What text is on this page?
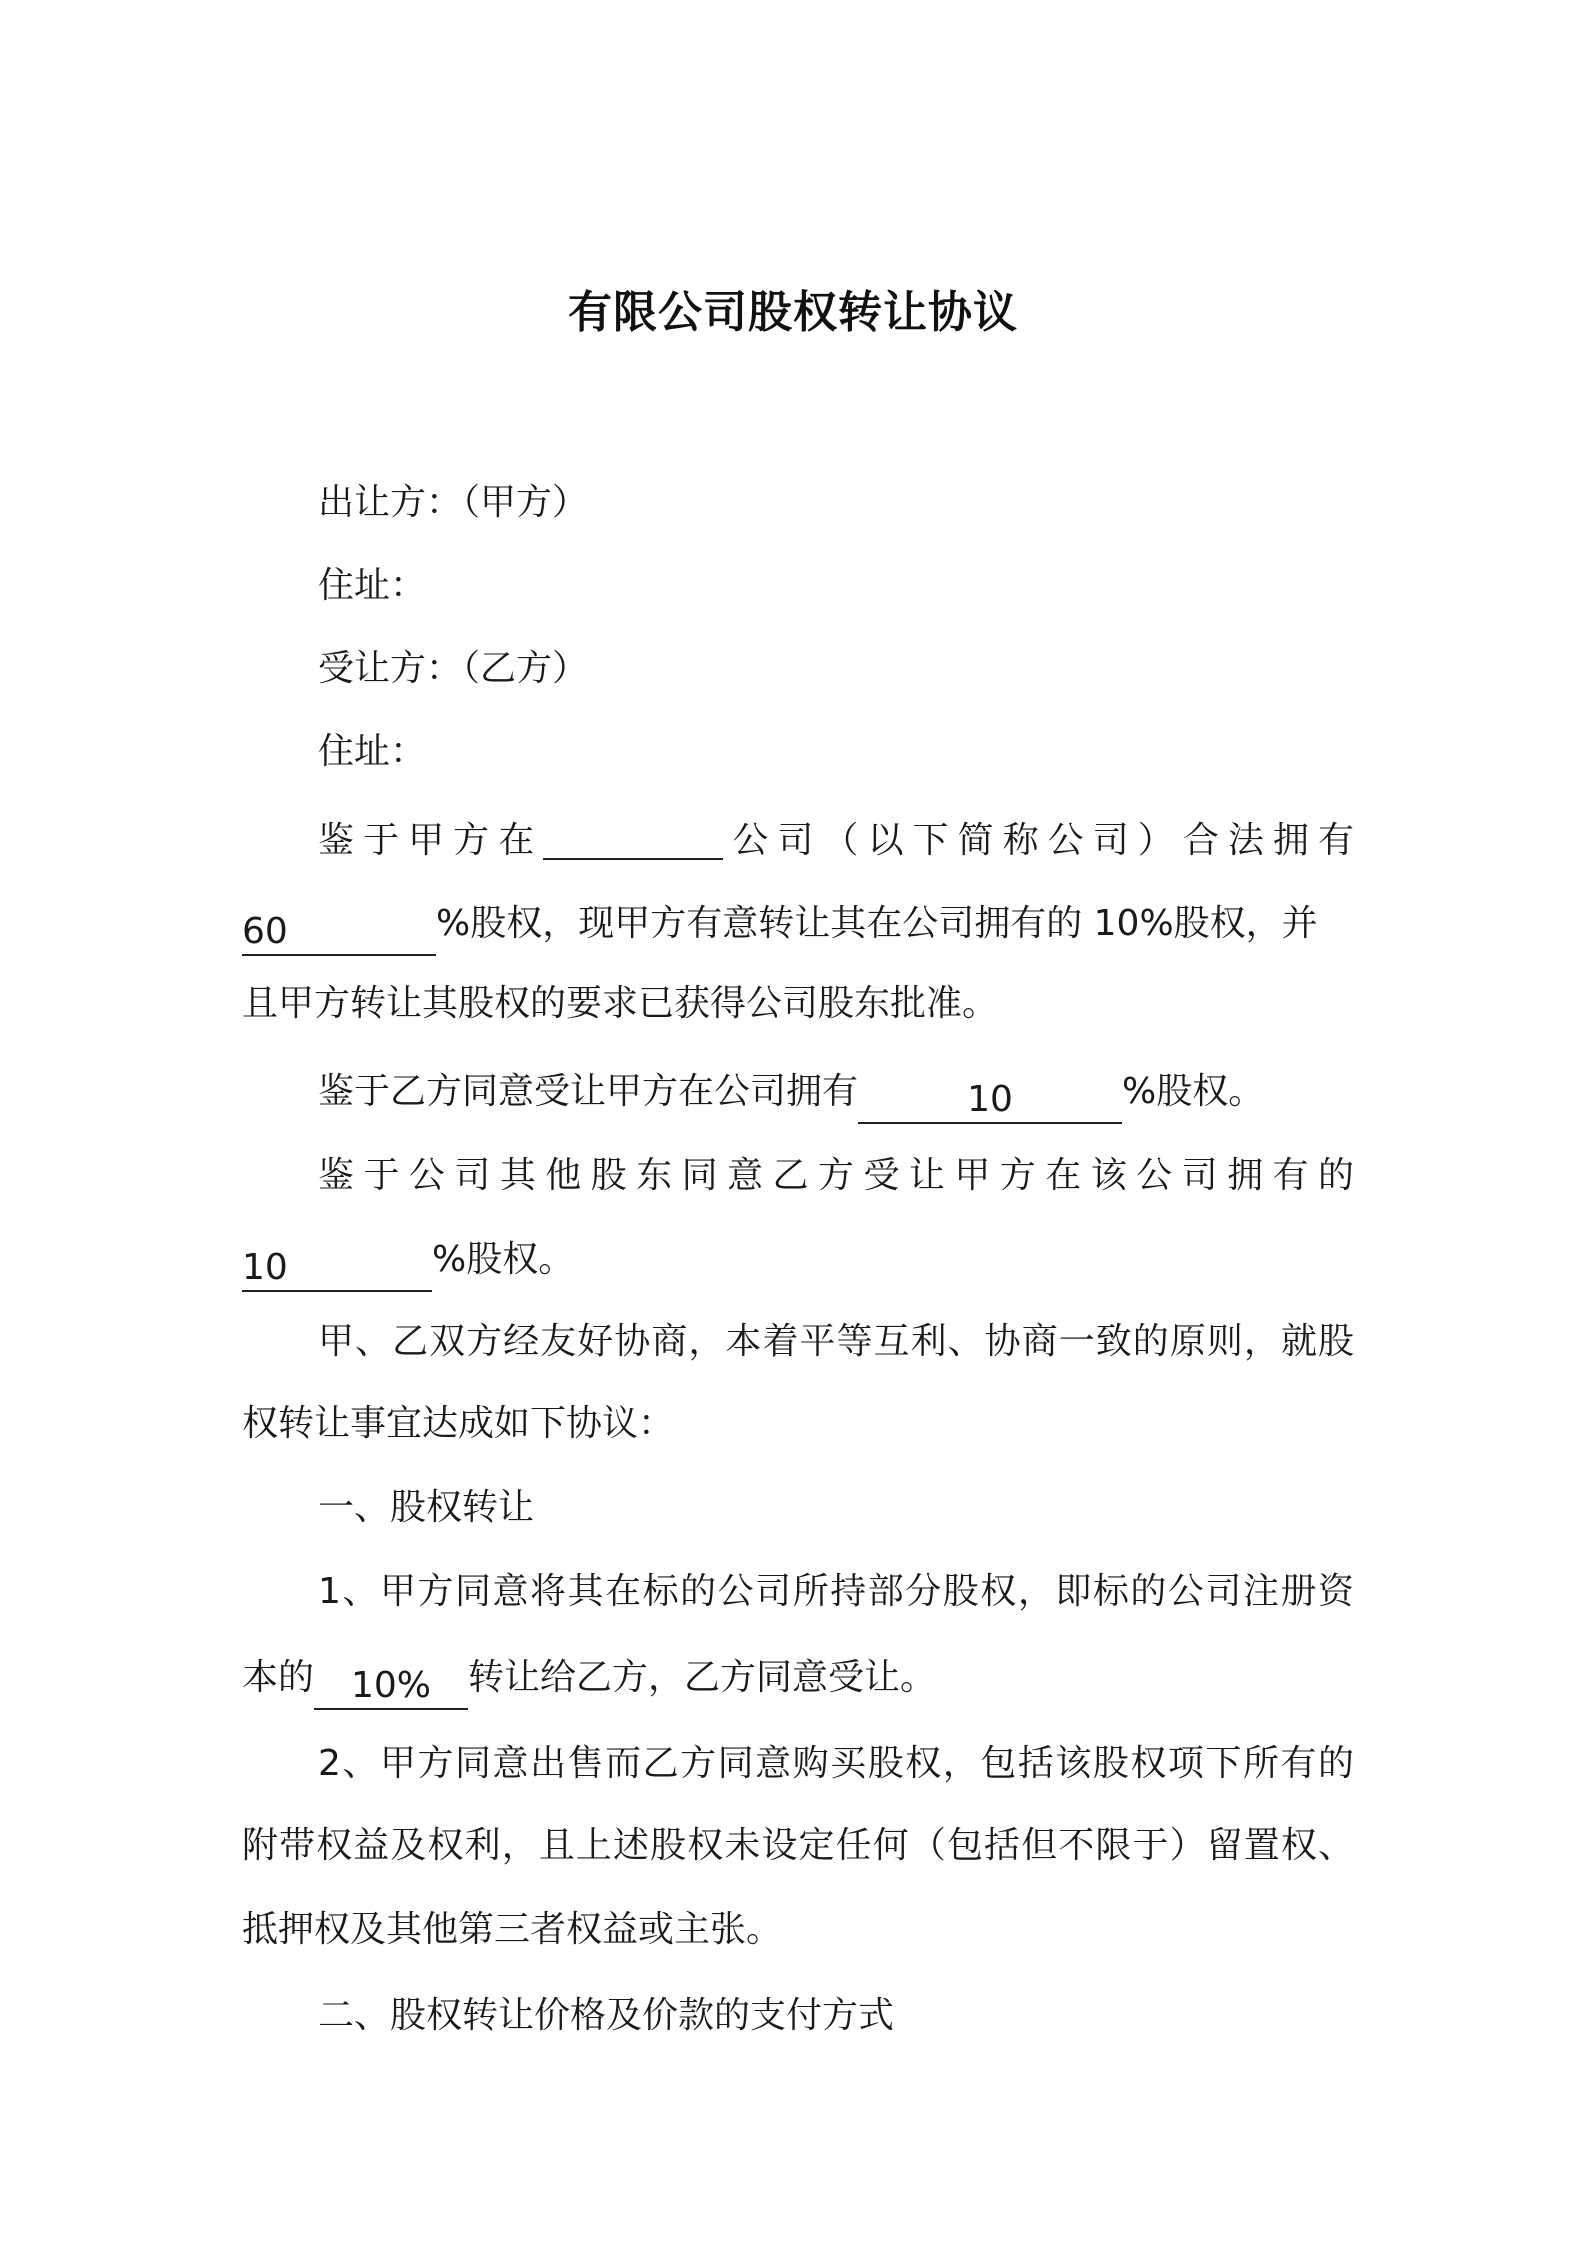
有限公司股权转让协议
出让方：（甲方）
住址：
受让方：（乙方）
住址：
鉴于甲方在	公司（以下简称公司）合法拥有
60	%股权，现甲方有意转让其在公司拥有的 10%股权，并
且甲方转让其股权的要求已获得公司股东批准。
鉴于乙方同意受让甲方在公司拥有	10	%股权。
鉴于公司其他股东同意乙方受让甲方在该公司拥有的
10	%股权。
甲、乙双方经友好协商，本着平等互利、协商一致的原则，就股
权转让事宜达成如下协议：
一、股权转让
1、甲方同意将其在标的公司所持部分股权，即标的公司注册资
本的 10% 转让给乙方，乙方同意受让。
2、甲方同意出售而乙方同意购买股权，包括该股权项下所有的
附带权益及权利，且上述股权未设定任何（包括但不限于）留置权、
抵押权及其他第三者权益或主张。
二、股权转让价格及价款的支付方式
